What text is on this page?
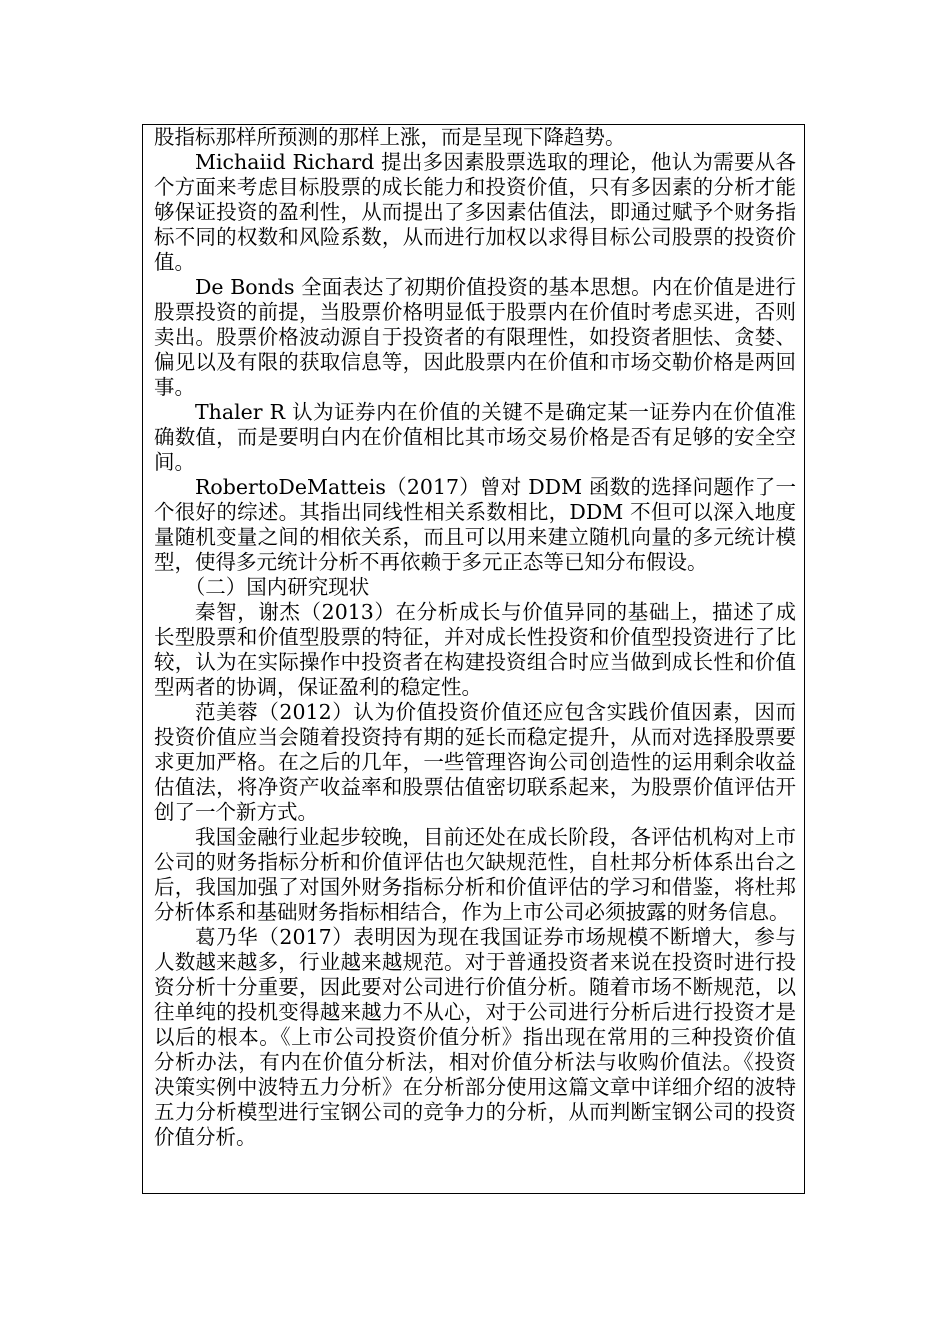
股指标那样所预测的那样上涨，而是呈现下降趋势。

Michaiid Richard 提出多因素股票选取的理论，他认为需要从各个方面来考虑目标股票的成长能力和投资价值，只有多因素的分析才能够保证投资的盈利性，从而提出了多因素估值法，即通过赋予个财务指标不同的权数和风险系数，从而进行加权以求得目标公司股票的投资价值。

De Bonds 全面表达了初期价值投资的基本思想。内在价值是进行股票投资的前提，当股票价格明显低于股票内在价值时考虑买进，否则卖出。股票价格波动源自于投资者的有限理性，如投资者胆怯、贪婪、偏见以及有限的获取信息等，因此股票内在价值和市场交勒价格是两回事。

Thaler R 认为证券内在价值的关键不是确定某一证券内在价值准确数值，而是要明白内在价值相比其市场交易价格是否有足够的安全空间。

RobertoDeMatteis（2017）曾对 DDM 函数的选择问题作了一个很好的综述。其指出同线性相关系数相比，DDM 不但可以深入地度量随机变量之间的相依关系，而且可以用来建立随机向量的多元统计模型，使得多元统计分析不再依赖于多元正态等已知分布假设。

（二）国内研究现状

秦智，谢杰（2013）在分析成长与价值异同的基础上，描述了成长型股票和价值型股票的特征，并对成长性投资和价值型投资进行了比较，认为在实际操作中投资者在构建投资组合时应当做到成长性和价值型两者的协调，保证盈利的稳定性。

范美蓉（2012）认为价值投资价值还应包含实践价值因素，因而投资价值应当会随着投资持有期的延长而稳定提升，从而对选择股票要求更加严格。在之后的几年，一些管理咨询公司创造性的运用剩余收益估值法，将净资产收益率和股票估值密切联系起来，为股票价值评估开创了一个新方式。

我国金融行业起步较晚，目前还处在成长阶段，各评估机构对上市公司的财务指标分析和价值评估也欠缺规范性，自杜邦分析体系出台之后，我国加强了对国外财务指标分析和价值评估的学习和借鉴，将杜邦分析体系和基础财务指标相结合，作为上市公司必须披露的财务信息。

葛乃华（2017）表明因为现在我国证券市场规模不断增大，参与人数越来越多，行业越来越规范。对于普通投资者来说在投资时进行投资分析十分重要，因此要对公司进行价值分析。随着市场不断规范，以往单纯的投机变得越来越力不从心，对于公司进行分析后进行投资才是以后的根本。《上市公司投资价值分析》指出现在常用的三种投资价值分析办法，有内在价值分析法，相对价值分析法与收购价值法。《投资决策实例中波特五力分析》在分析部分使用这篇文章中详细介绍的波特五力分析模型进行宝钢公司的竞争力的分析，从而判断宝钢公司的投资价值分析。
